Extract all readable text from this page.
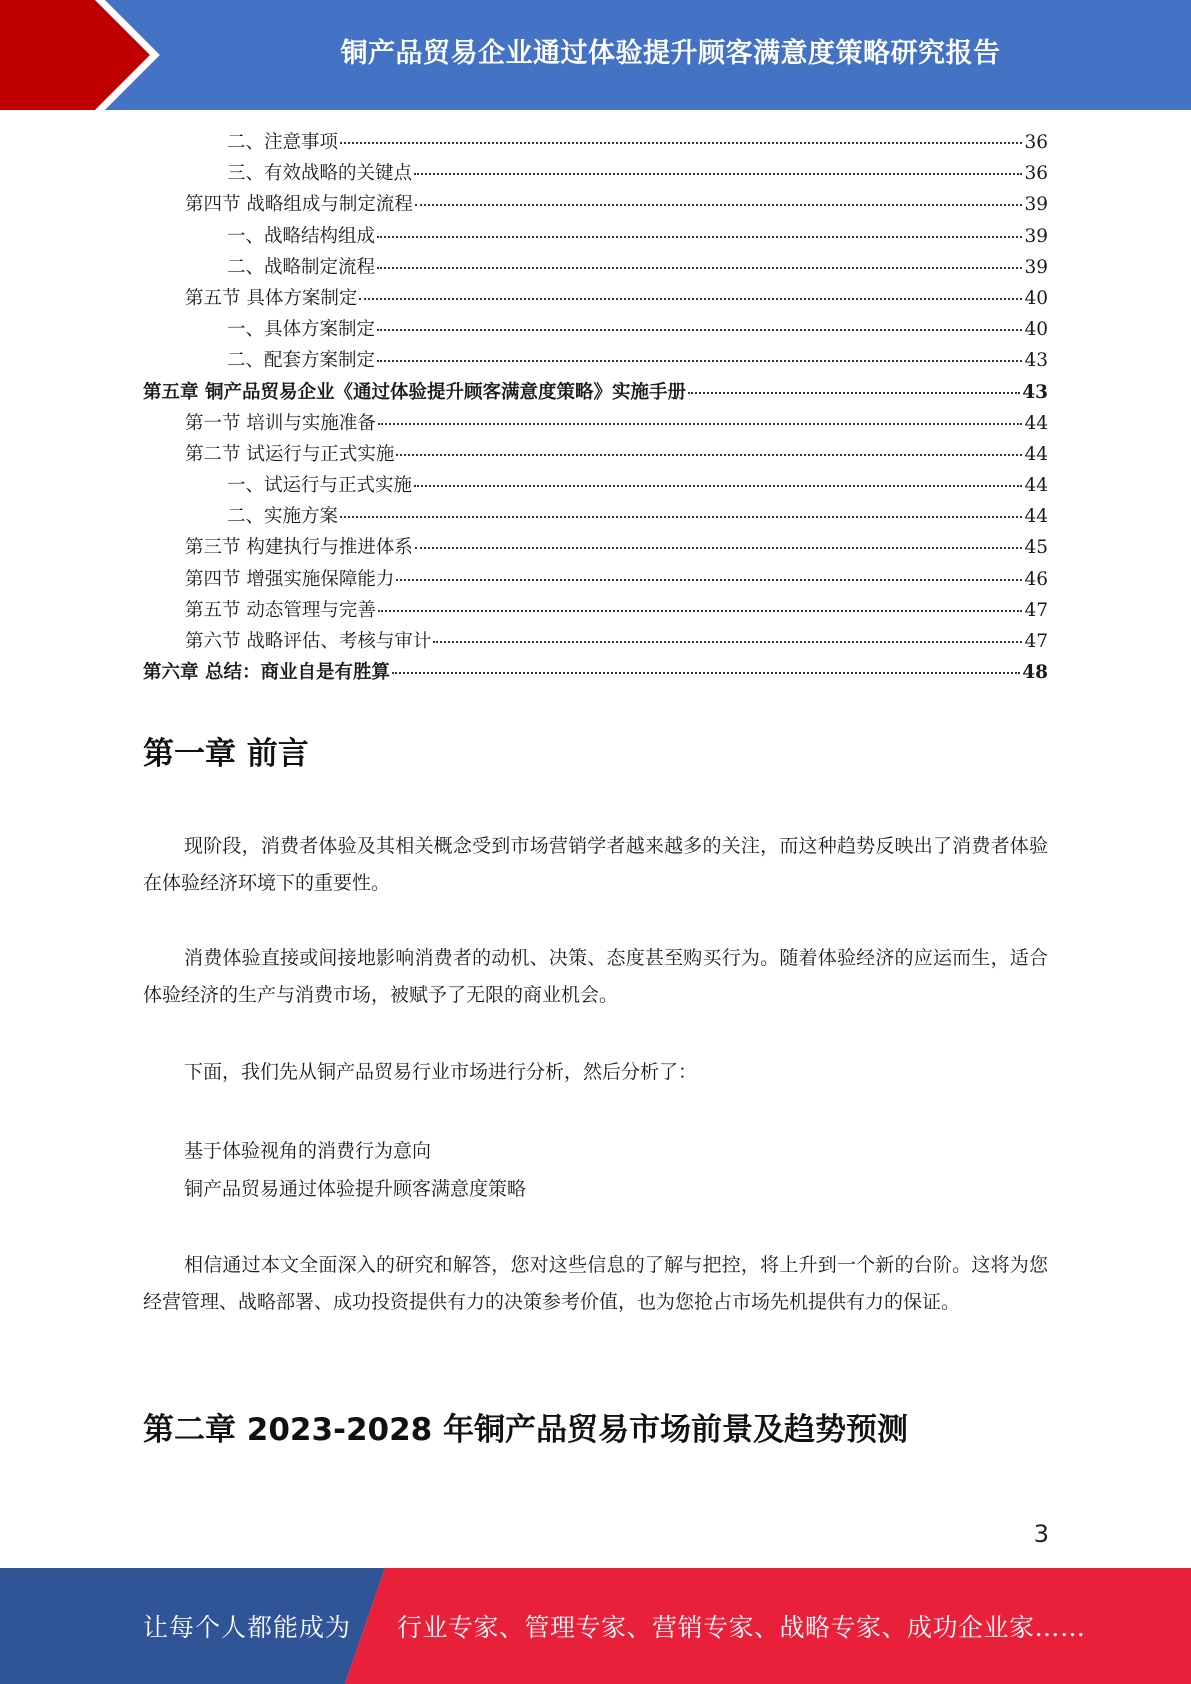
铜产品贸易企业通过体验提升顾客满意度策略研究报告
二、注意事项	36
三、有效战略的关键点	36
第四节 战略组成与制定流程	39
一、战略结构组成	39
二、战略制定流程	39
第五节 具体方案制定	40
一、具体方案制定	40
二、配套方案制定	43
第五章 铜产品贸易企业《通过体验提升顾客满意度策略》实施手册	43
第一节 培训与实施准备	44
第二节 试运行与正式实施	44
一、试运行与正式实施	44
二、实施方案	44
第三节 构建执行与推进体系	45
第四节 增强实施保障能力	46
第五节 动态管理与完善	47
第六节 战略评估、考核与审计	47
第六章 总结：商业自是有胜算	48
第一章 前言

现阶段，消费者体验及其相关概念受到市场营销学者越来越多的关注，而这种趋势反映出了消费者体验在体验经济环境下的重要性。

消费体验直接或间接地影响消费者的动机、决策、态度甚至购买行为。随着体验经济的应运而生，适合体验经济的生产与消费市场，被赋予了无限的商业机会。

下面，我们先从铜产品贸易行业市场进行分析，然后分析了：

基于体验视角的消费行为意向

铜产品贸易通过体验提升顾客满意度策略

相信通过本文全面深入的研究和解答，您对这些信息的了解与把控，将上升到一个新的台阶。这将为您经营管理、战略部署、成功投资提供有力的决策参考价值，也为您抢占市场先机提供有力的保证。

第二章 2023-2028 年铜产品贸易市场前景及趋势预测
3
让每个人都能成为 行业专家、管理专家、营销专家、战略专家、成功企业家……
